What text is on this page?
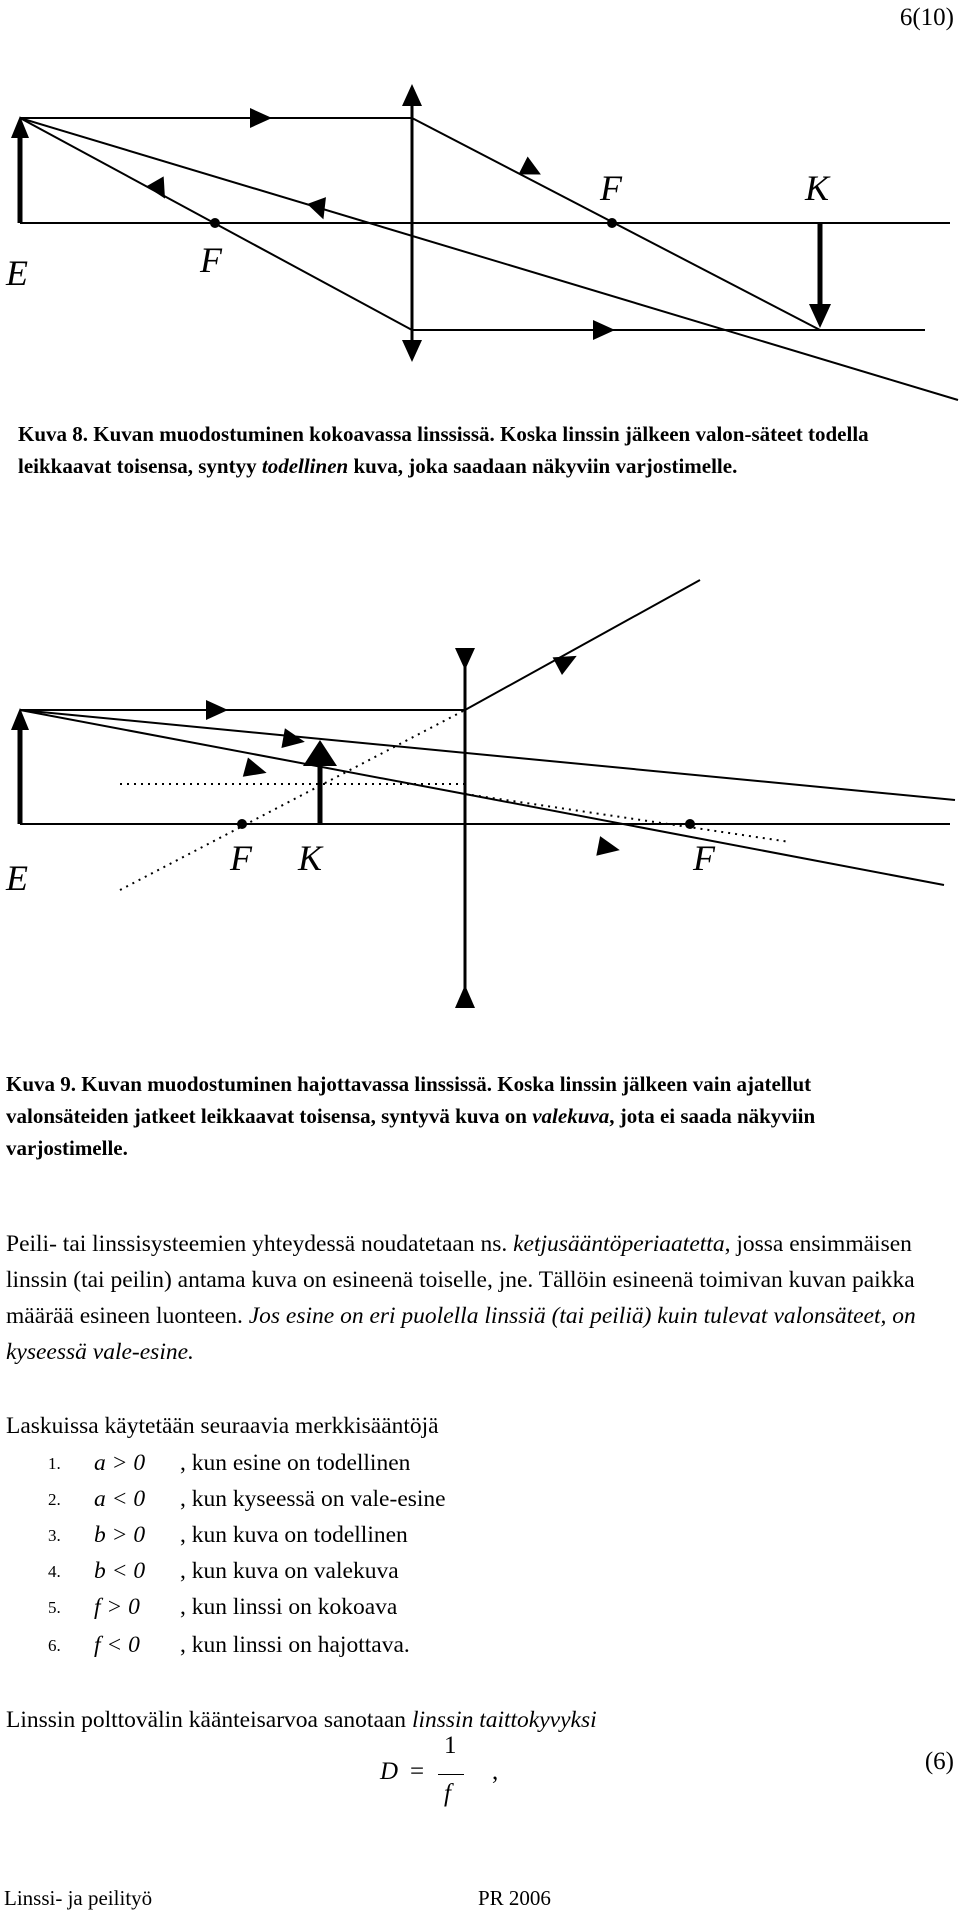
6(10)
E	F
F	K
Kuva 8. Kuvan muodostuminen kokoavassa linssissä. Koska linssin jälkeen valon-säteet todella leikkaavat toisensa, syntyy todellinen kuva, joka saadaan näkyviin varjostimelle.
E	F K	F
Kuva 9. Kuvan muodostuminen hajottavassa linssissä. Koska linssin jälkeen vain ajatellut valonsäteiden jatkeet leikkaavat toisensa, syntyvä kuva on valekuva, jota ei saada näkyviin varjostimelle.
Peili- tai linssisysteemien yhteydessä noudatetaan ns. ketjusääntöperiaatetta, jossa ensimmäisen linssin (tai peilin) antama kuva on esineenä toiselle, jne. Tällöin esineenä toimivan kuvan paikka määrää esineen luonteen. Jos esine on eri puolella linssiä (tai peiliä) kuin tulevat valonsäteet, on kyseessä vale-esine.
Laskuissa käytetään seuraavia merkkisääntöjä
1. a > 0 , kun esine on todellinen
2. a < 0 , kun kyseessä on vale-esine
3. b > 0 , kun kuva on todellinen
4. b < 0 , kun kuva on valekuva
5. f > 0 , kun linssi on kokoava
6. f < 0 , kun linssi on hajottava.
Linssin polttovälin käänteisarvoa sanotaan linssin taittokyvyksi
D =
1
f
,	(6)
Linssi- ja peilityö	PR 2006
